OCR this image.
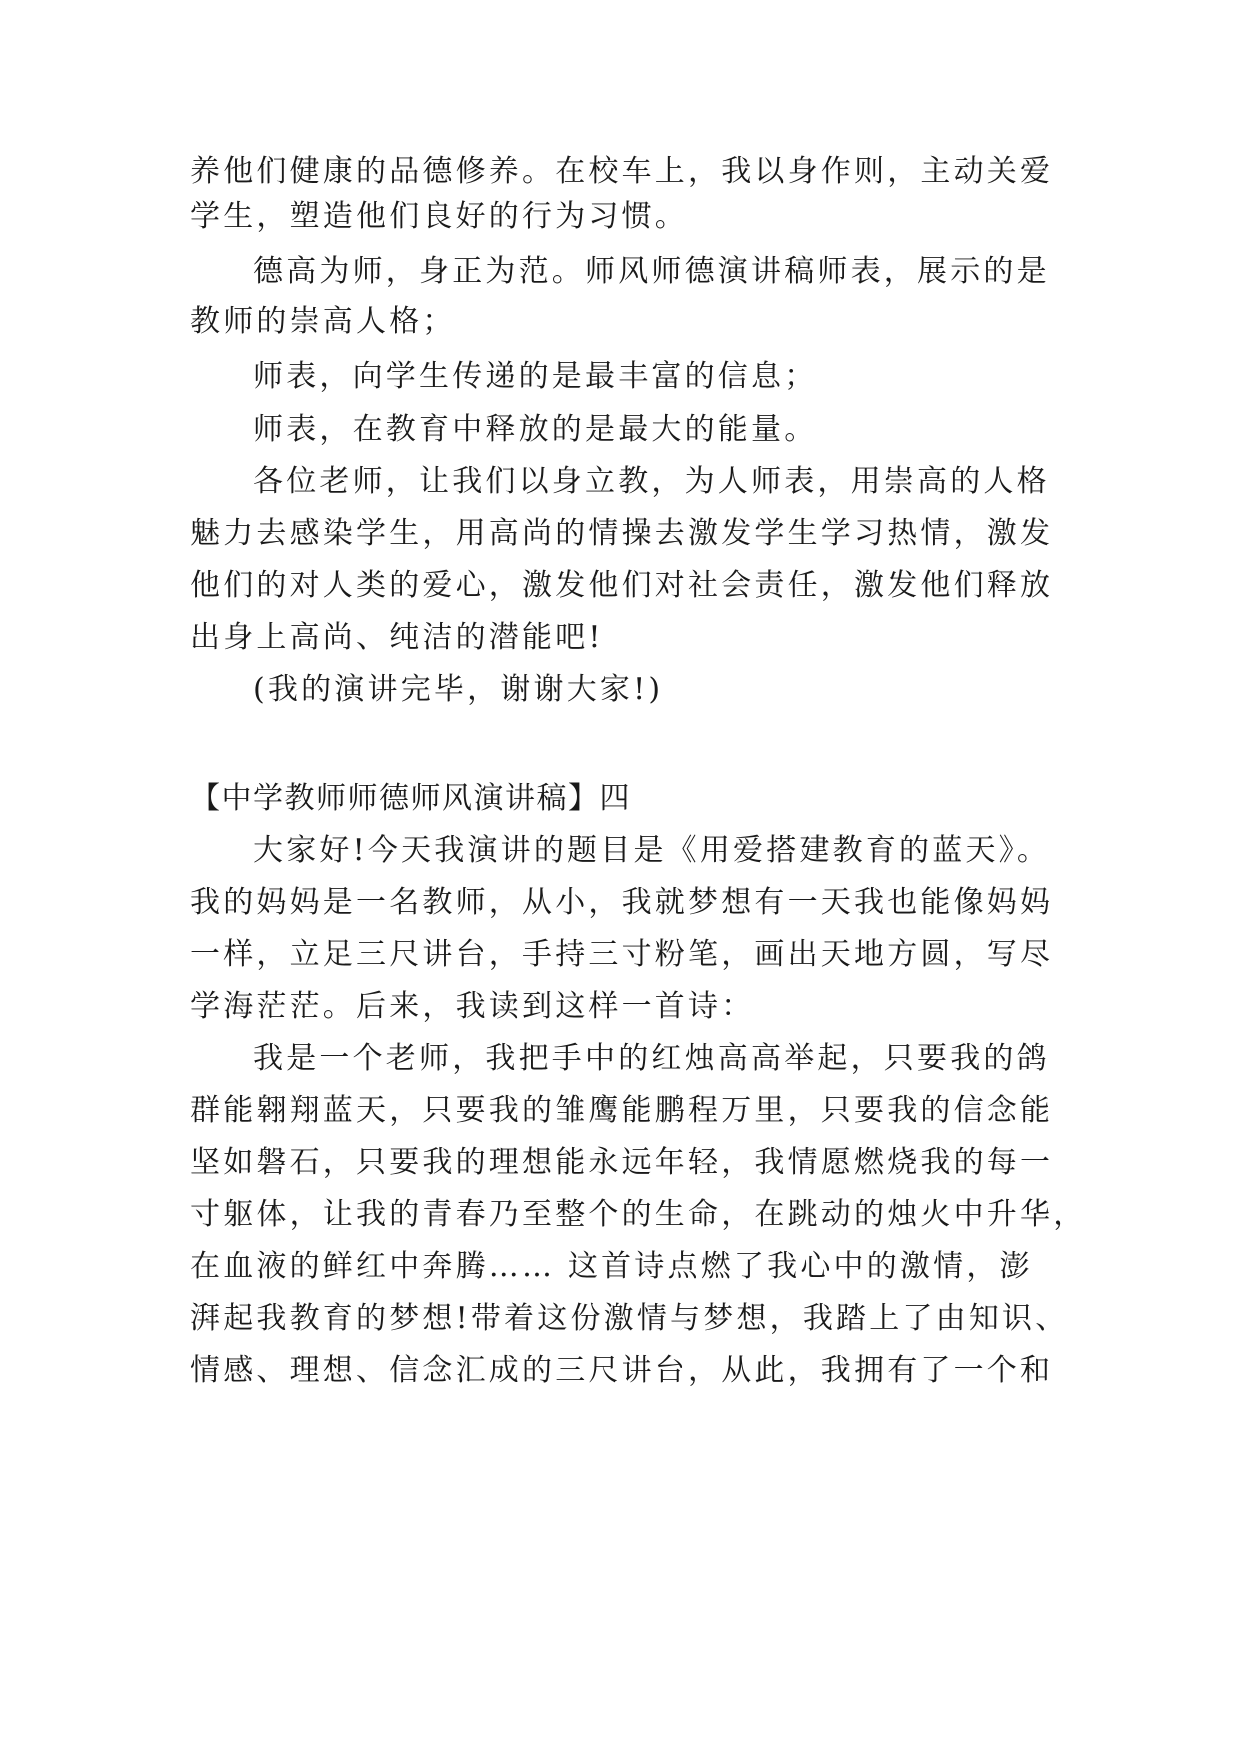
养他们健康的品德修养。在校车上，我以身作则，主动关爱
学生，塑造他们良好的行为习惯。
德高为师，身正为范。师风师德演讲稿师表，展示的是
教师的崇高人格；
师表，向学生传递的是最丰富的信息；
师表，在教育中释放的是最大的能量。
各位老师，让我们以身立教，为人师表，用崇高的人格
魅力去感染学生，用高尚的情操去激发学生学习热情，激发
他们的对人类的爱心，激发他们对社会责任，激发他们释放
出身上高尚、纯洁的潜能吧!
(我的演讲完毕，谢谢大家!)
【中学教师师德师风演讲稿】四
大家好!今天我演讲的题目是《用爱搭建教育的蓝天》。
我的妈妈是一名教师，从小，我就梦想有一天我也能像妈妈
一样，立足三尺讲台，手持三寸粉笔，画出天地方圆，写尽
学海茫茫。后来，我读到这样一首诗：
我是一个老师，我把手中的红烛高高举起，只要我的鸽
群能翱翔蓝天，只要我的雏鹰能鹏程万里，只要我的信念能
坚如磐石，只要我的理想能永远年轻，我情愿燃烧我的每一
寸躯体，让我的青春乃至整个的生命，在跳动的烛火中升华，
在血液的鲜红中奔腾…… 这首诗点燃了我心中的激情，澎
湃起我教育的梦想!带着这份激情与梦想，我踏上了由知识、
情感、理想、信念汇成的三尺讲台，从此，我拥有了一个和
